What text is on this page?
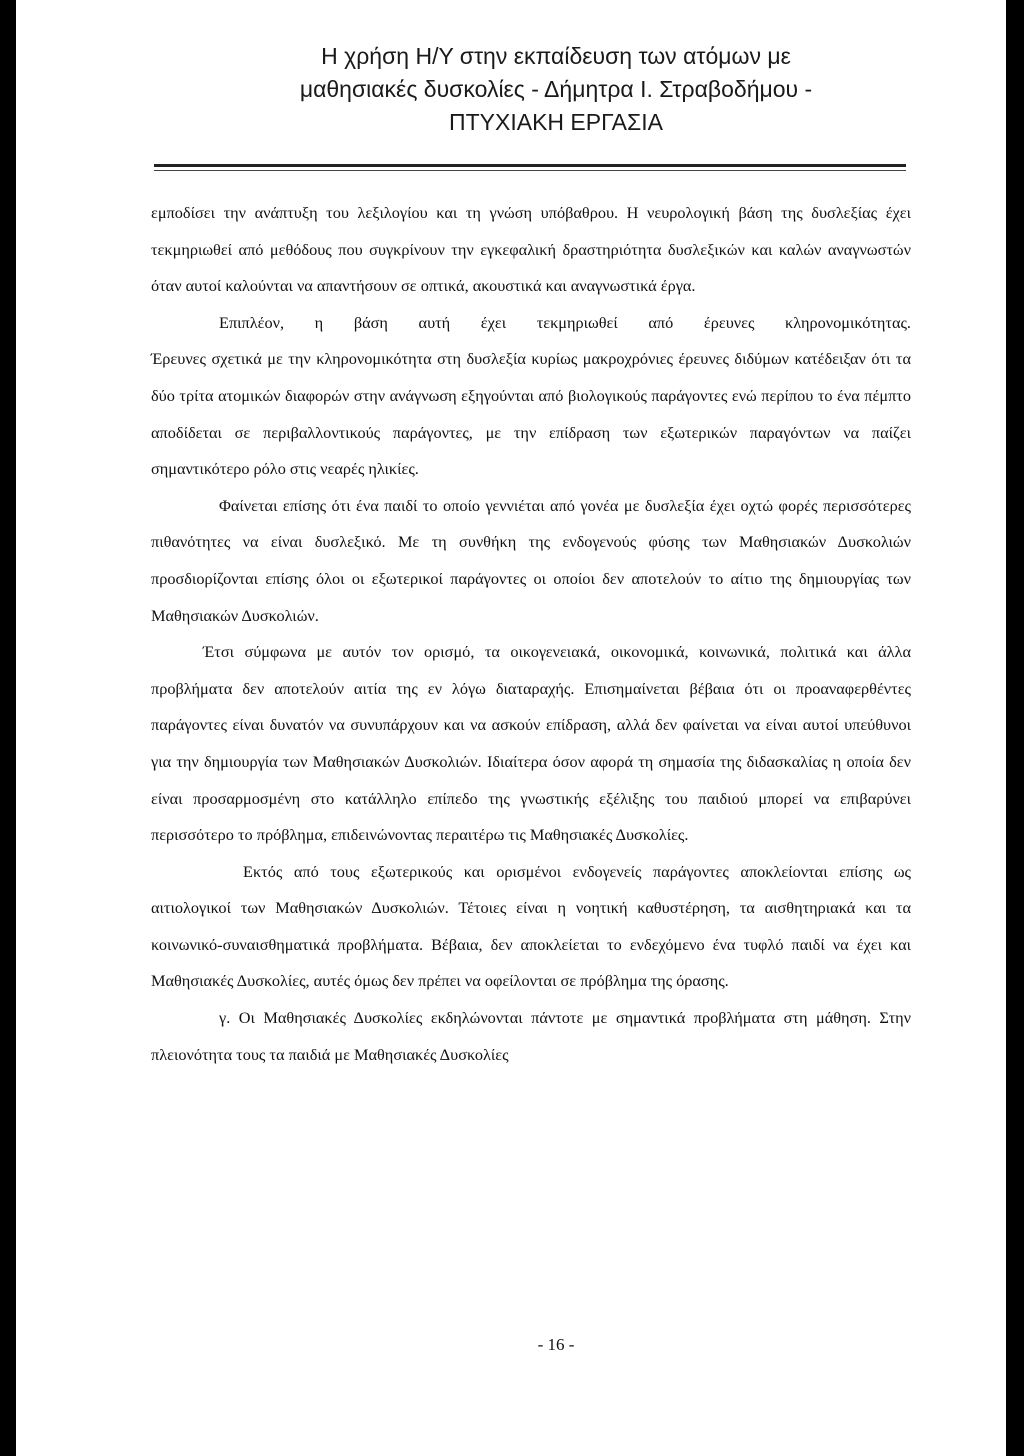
Η χρήση Η/Υ στην εκπαίδευση των ατόμων με
μαθησιακές δυσκολίες - Δήμητρα Ι. Στραβοδήμου -
ΠΤΥΧΙΑΚΗ ΕΡΓΑΣΙΑ

εμποδίσει την ανάπτυξη του λεξιλογίου και τη γνώση υπόβαθρου. Η νευρολογική βάση της δυσλεξίας έχει τεκμηριωθεί από μεθόδους που συγκρίνουν την εγκεφαλική δραστηριότητα δυσλεξικών και καλών αναγνωστών όταν αυτοί καλούνται να απαντήσουν σε οπτικά, ακουστικά και αναγνωστικά έργα.

Επιπλέον, η βάση αυτή έχει τεκμηριωθεί από έρευνες κληρονομικότητας.

Έρευνες σχετικά με την κληρονομικότητα στη δυσλεξία κυρίως μακροχρόνιες έρευνες διδύμων κατέδειξαν ότι τα δύο τρίτα ατομικών διαφορών στην ανάγνωση εξηγούνται από βιολογικούς παράγοντες ενώ περίπου το ένα πέμπτο αποδίδεται σε περιβαλλοντικούς παράγοντες, με την επίδραση των εξωτερικών παραγόντων να παίζει σημαντικότερο ρόλο στις νεαρές ηλικίες.

Φαίνεται επίσης ότι ένα παιδί το οποίο γεννιέται από γονέα με δυσλεξία έχει οχτώ φορές περισσότερες πιθανότητες να είναι δυσλεξικό. Με τη συνθήκη της ενδογενούς φύσης των Μαθησιακών Δυσκολιών προσδιορίζονται επίσης όλοι οι εξωτερικοί παράγοντες οι οποίοι δεν αποτελούν το αίτιο της δημιουργίας των Μαθησιακών Δυσκολιών.

Έτσι σύμφωνα με αυτόν τον ορισμό, τα οικογενειακά, οικονομικά, κοινωνικά, πολιτικά και άλλα προβλήματα δεν αποτελούν αιτία της εν λόγω διαταραχής. Επισημαίνεται βέβαια ότι οι προαναφερθέντες παράγοντες είναι δυνατόν να συνυπάρχουν και να ασκούν επίδραση, αλλά δεν φαίνεται να είναι αυτοί υπεύθυνοι για την δημιουργία των Μαθησιακών Δυσκολιών. Ιδιαίτερα όσον αφορά τη σημασία της διδασκαλίας η οποία δεν είναι προσαρμοσμένη στο κατάλληλο επίπεδο της γνωστικής εξέλιξης του παιδιού μπορεί να επιβαρύνει περισσότερο το πρόβλημα, επιδεινώνοντας περαιτέρω τις Μαθησιακές Δυσκολίες.

Εκτός από τους εξωτερικούς και ορισμένοι ενδογενείς παράγοντες αποκλείονται επίσης ως αιτιολογικοί των Μαθησιακών Δυσκολιών. Τέτοιες είναι η νοητική καθυστέρηση, τα αισθητηριακά και τα κοινωνικό-συναισθηματικά προβλήματα. Βέβαια, δεν αποκλείεται το ενδεχόμενο ένα τυφλό παιδί να έχει και Μαθησιακές Δυσκολίες, αυτές όμως δεν πρέπει να οφείλονται σε πρόβλημα της όρασης.

γ. Οι Μαθησιακές Δυσκολίες εκδηλώνονται πάντοτε με σημαντικά προβλήματα στη μάθηση. Στην πλειονότητα τους τα παιδιά με Μαθησιακές Δυσκολίες

- 16 -
